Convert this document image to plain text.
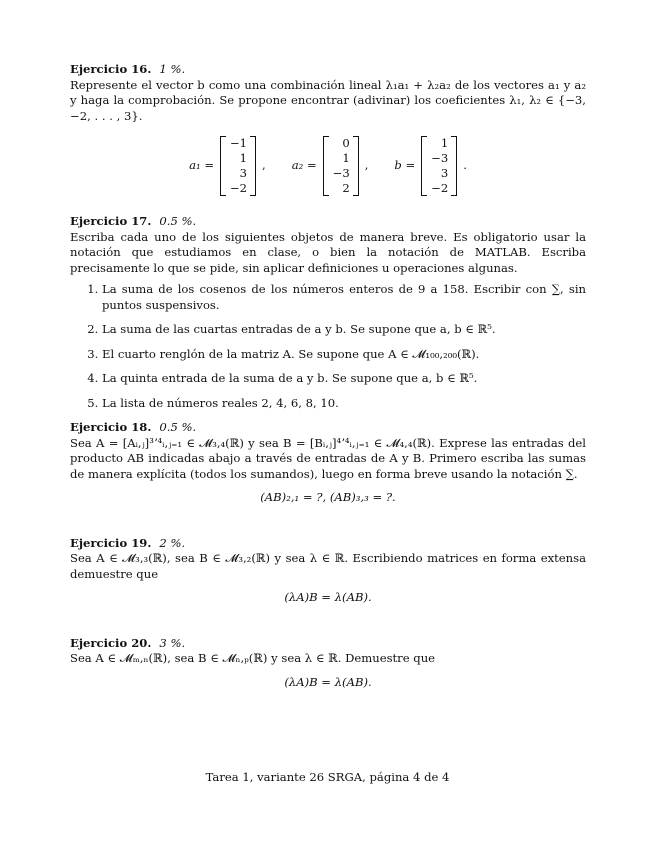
Ejercicio 16. 1 %.

Represente el vector b como una combinación lineal λ₁a₁ + λ₂a₂ de los vectores a₁ y a₂ y haga la comprobación. Se propone encontrar (adivinar) los coeficientes λ₁, λ₂ ∈ {−3, −2, . . . , 3}.

a₁ =
−1
1
3
−2
, a₂ =
0
1
−3
2
, b =
1
−3
3
−2
.
Ejercicio 17. 0.5 %.

Escriba cada uno de los siguientes objetos de manera breve. Es obligatorio usar la notación que estudiamos en clase, o bien la notación de MATLAB. Escriba precisamente lo que se pide, sin aplicar definiciones u operaciones algunas.

1. La suma de los cosenos de los números enteros de 9 a 158. Escribir con ∑, sin puntos suspensivos.
2. La suma de las cuartas entradas de a y b. Se supone que a, b ∈ ℝ⁵.
3. El cuarto renglón de la matriz A. Se supone que A ∈ 𝓜₁₀₀,₂₀₀(ℝ).
4. La quinta entrada de la suma de a y b. Se supone que a, b ∈ ℝ⁵.
5. La lista de números reales 2, 4, 6, 8, 10.
Ejercicio 18. 0.5 %.

Sea A = [Aᵢ,ⱼ]³ʼ⁴ᵢ,ⱼ₌₁ ∈ 𝓜₃,₄(ℝ) y sea B = [Bᵢ,ⱼ]⁴ʼ⁴ᵢ,ⱼ₌₁ ∈ 𝓜₄,₄(ℝ). Exprese las entradas del producto AB indicadas abajo a través de entradas de A y B. Primero escriba las sumas de manera explícita (todos los sumandos), luego en forma breve usando la notación ∑.

(AB)₂,₁ = ?, (AB)₃,₃ = ?.
Ejercicio 19. 2 %.

Sea A ∈ 𝓜₃,₃(ℝ), sea B ∈ 𝓜₃,₂(ℝ) y sea λ ∈ ℝ. Escribiendo matrices en forma extensa demuestre que

(λA)B = λ(AB).
Ejercicio 20. 3 %.

Sea A ∈ 𝓜ₘ,ₙ(ℝ), sea B ∈ 𝓜ₙ,ₚ(ℝ) y sea λ ∈ ℝ. Demuestre que

(λA)B = λ(AB).
Tarea 1, variante 26 SRGA, página 4 de 4
